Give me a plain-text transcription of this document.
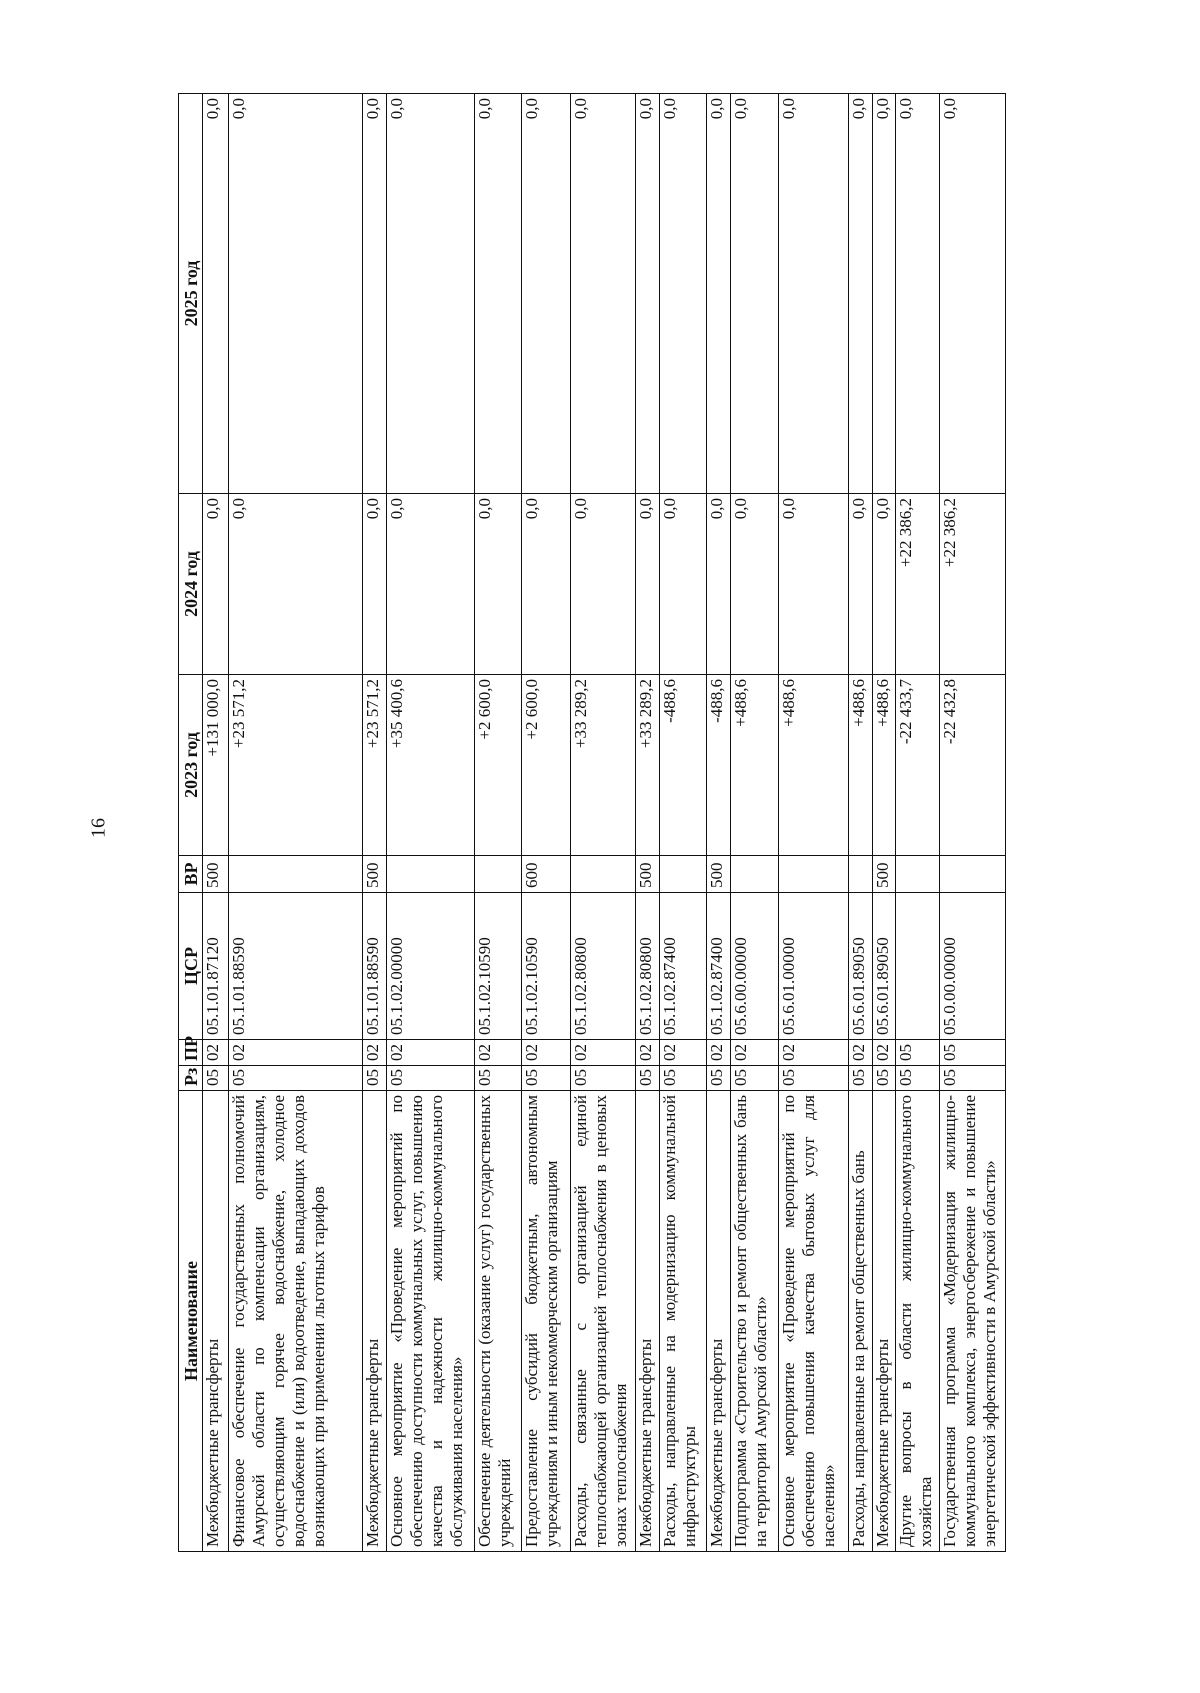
16
Наименование	Рз	ПР	ЦСР	ВР	2023 год	2024 год	2025 год
Межбюджетные трансферты	05	02	05.1.01.87120	500	+131 000,0	0,0	0,0
Финансовое обеспечение государственных полномочий Амурской области по компенсации организациям, осуществляющим горячее водоснабжение, холодное водоснабжение и (или) водоотведение, выпадающих доходов возникающих при применении льготных тарифов	05	02	05.1.01.88590		+23 571,2	0,0	0,0
Межбюджетные трансферты	05	02	05.1.01.88590	500	+23 571,2	0,0	0,0
Основное мероприятие «Проведение мероприятий по обеспечению доступности коммунальных услуг, повышению качества и надежности жилищно-коммунального обслуживания населения»	05	02	05.1.02.00000		+35 400,6	0,0	0,0
Обеспечение деятельности (оказание услуг) государственных учреждений	05	02	05.1.02.10590		+2 600,0	0,0	0,0
Предоставление субсидий бюджетным, автономным учреждениям и иным некоммерческим организациям	05	02	05.1.02.10590	600	+2 600,0	0,0	0,0
Расходы, связанные с организацией единой теплоснабжающей организацией теплоснабжения в ценовых зонах теплоснабжения	05	02	05.1.02.80800		+33 289,2	0,0	0,0
Межбюджетные трансферты	05	02	05.1.02.80800	500	+33 289,2	0,0	0,0
Расходы, направленные на модернизацию коммунальной инфраструктуры	05	02	05.1.02.87400		-488,6	0,0	0,0
Межбюджетные трансферты	05	02	05.1.02.87400	500	-488,6	0,0	0,0
Подпрограмма «Строительство и ремонт общественных бань на территории Амурской области»	05	02	05.6.00.00000		+488,6	0,0	0,0
Основное мероприятие «Проведение мероприятий по обеспечению повышения качества бытовых услуг для населения»	05	02	05.6.01.00000		+488,6	0,0	0,0
Расходы, направленные на ремонт общественных бань	05	02	05.6.01.89050		+488,6	0,0	0,0
Межбюджетные трансферты	05	02	05.6.01.89050	500	+488,6	0,0	0,0
Другие вопросы в области жилищно-коммунального хозяйства	05	05			-22 433,7	+22 386,2	0,0
Государственная программа «Модернизация жилищно-коммунального комплекса, энергосбережение и повышение энергетической эффективности в Амурской области»	05	05	05.0.00.00000		-22 432,8	+22 386,2	0,0
